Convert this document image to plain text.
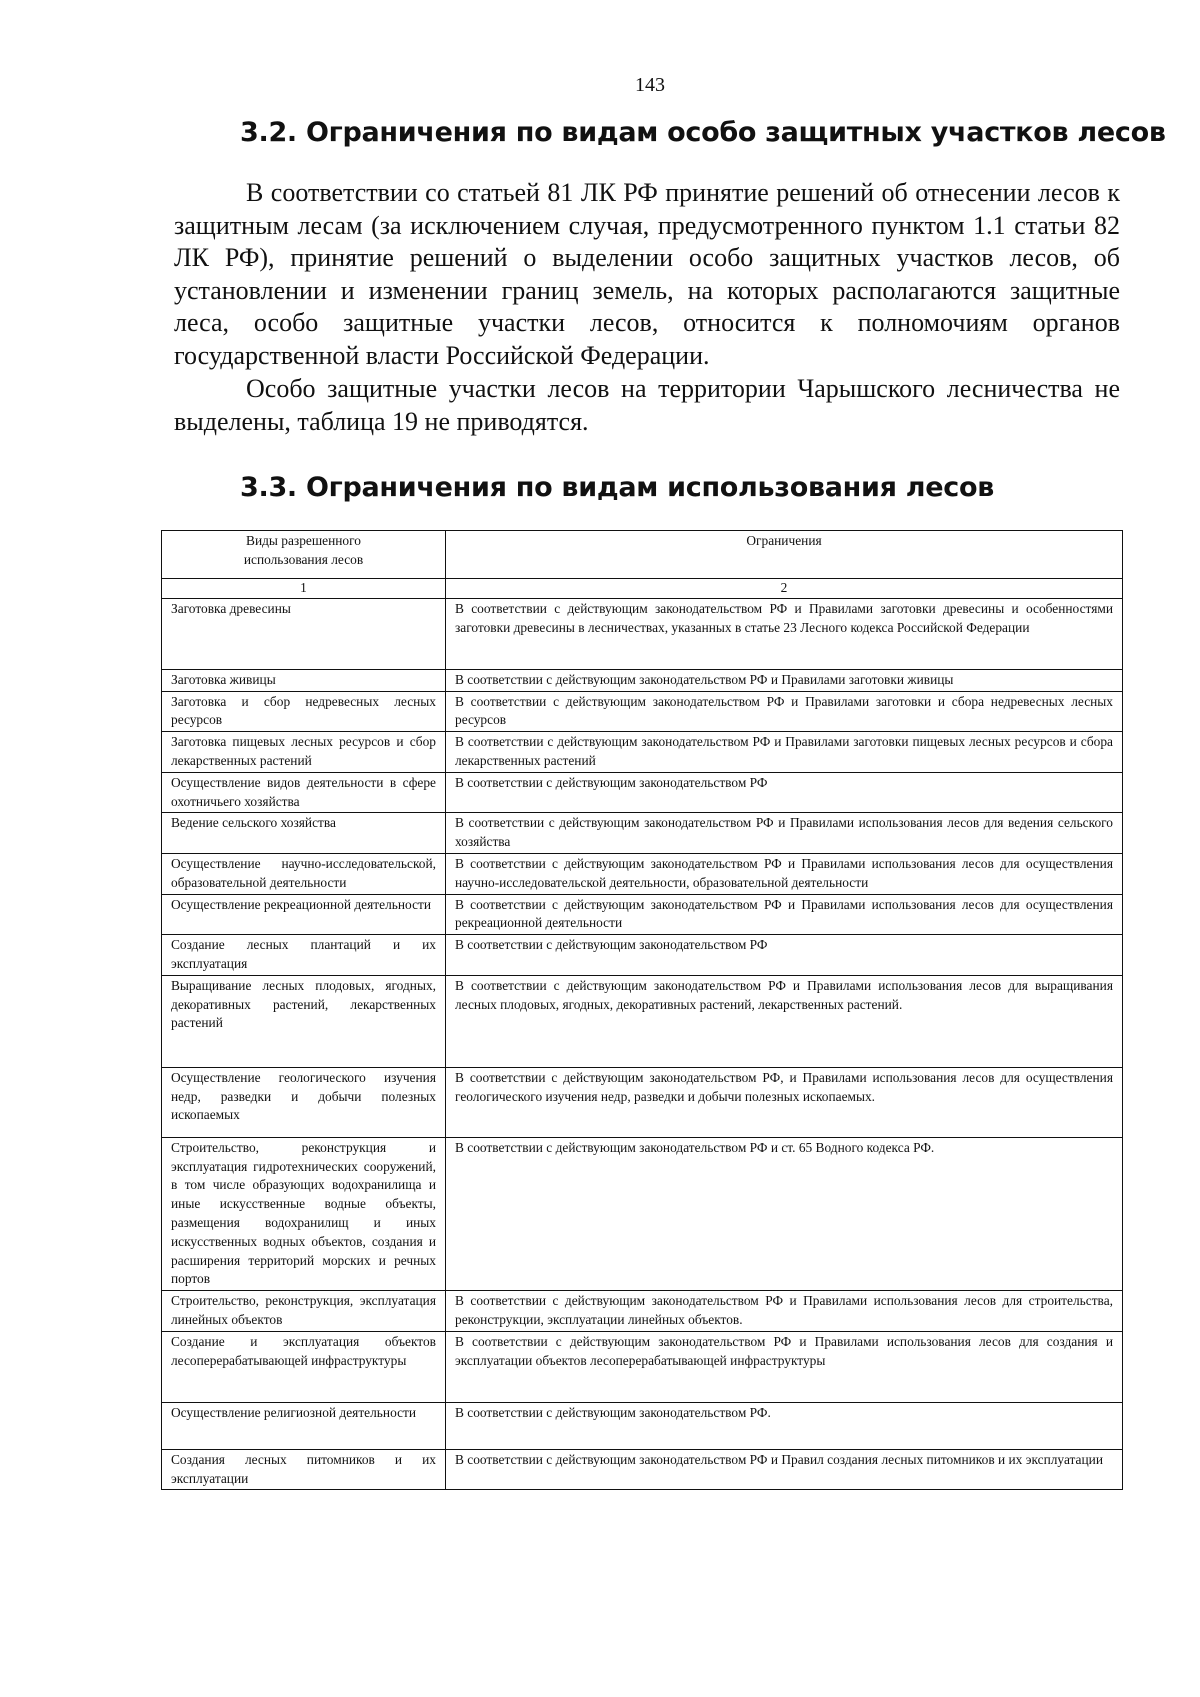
143
3.2. Ограничения по видам особо защитных участков лесов
В соответствии со статьей 81 ЛК РФ принятие решений об отнесении лесов к защитным лесам (за исключением случая, предусмотренного пунктом 1.1 статьи 82 ЛК РФ), принятие решений о выделении особо защитных участков лесов, об установлении и изменении границ земель, на которых располагаются защитные леса, особо защитные участки лесов, относится к полномочиям органов государственной власти Российской Федерации.
Особо защитные участки лесов на территории Чарышского лесничества не выделены, таблица 19 не приводятся.
3.3. Ограничения по видам использования лесов
Виды разрешенного использования лесов	Ограничения
1	2
Заготовка древесины	В соответствии с действующим законодательством РФ и Правилами заготовки древесины и особенностями заготовки древесины в лесничествах, указанных в статье 23 Лесного кодекса Российской Федерации
Заготовка живицы	В соответствии с действующим законодательством РФ и Правилами заготовки живицы
Заготовка и сбор недревесных лесных ресурсов	В соответствии с действующим законодательством РФ и Правилами заготовки и сбора недревесных лесных ресурсов
Заготовка пищевых лесных ресурсов и сбор лекарственных растений	В соответствии с действующим законодательством РФ и Правилами заготовки пищевых лесных ресурсов и сбора лекарственных растений
Осуществление видов деятельности в сфере охотничьего хозяйства	В соответствии с действующим законодательством РФ
Ведение сельского хозяйства	В соответствии с действующим законодательством РФ и Правилами использования лесов для ведения сельского хозяйства
Осуществление научно-исследовательской, образовательной деятельности	В соответствии с действующим законодательством РФ и Правилами использования лесов для осуществления научно-исследовательской деятельности, образовательной деятельности
Осуществление рекреационной деятельности	В соответствии с действующим законодательством РФ и Правилами использования лесов для осуществления рекреационной деятельности
Создание лесных плантаций и их эксплуатация	В соответствии с действующим законодательством РФ
Выращивание лесных плодовых, ягодных, декоративных растений, лекарственных растений	В соответствии с действующим законодательством РФ и Правилами использования лесов для выращивания лесных плодовых, ягодных, декоративных растений, лекарственных растений.
Осуществление геологического изучения недр, разведки и добычи полезных ископаемых	В соответствии с действующим законодательством РФ, и Правилами использования лесов для осуществления геологического изучения недр, разведки и добычи полезных ископаемых.
Строительство, реконструкция и эксплуатация гидротехнических сооружений, в том числе образующих водохранилища и иные искусственные водные объекты, размещения водохранилищ и иных искусственных водных объектов, создания и расширения территорий морских и речных портов	В соответствии с действующим законодательством РФ и ст. 65 Водного кодекса РФ.
Строительство, реконструкция, эксплуатация линейных объектов	В соответствии с действующим законодательством РФ и Правилами использования лесов для строительства, реконструкции, эксплуатации линейных объектов.
Создание и эксплуатация объектов лесоперерабатывающей инфраструктуры	В соответствии с действующим законодательством РФ и Правилами использования лесов для создания и эксплуатации объектов лесоперерабатывающей инфраструктуры
Осуществление религиозной деятельности	В соответствии с действующим законодательством РФ.
Создания лесных питомников и их эксплуатации	В соответствии с действующим законодательством РФ и Правил создания лесных питомников и их эксплуатации
